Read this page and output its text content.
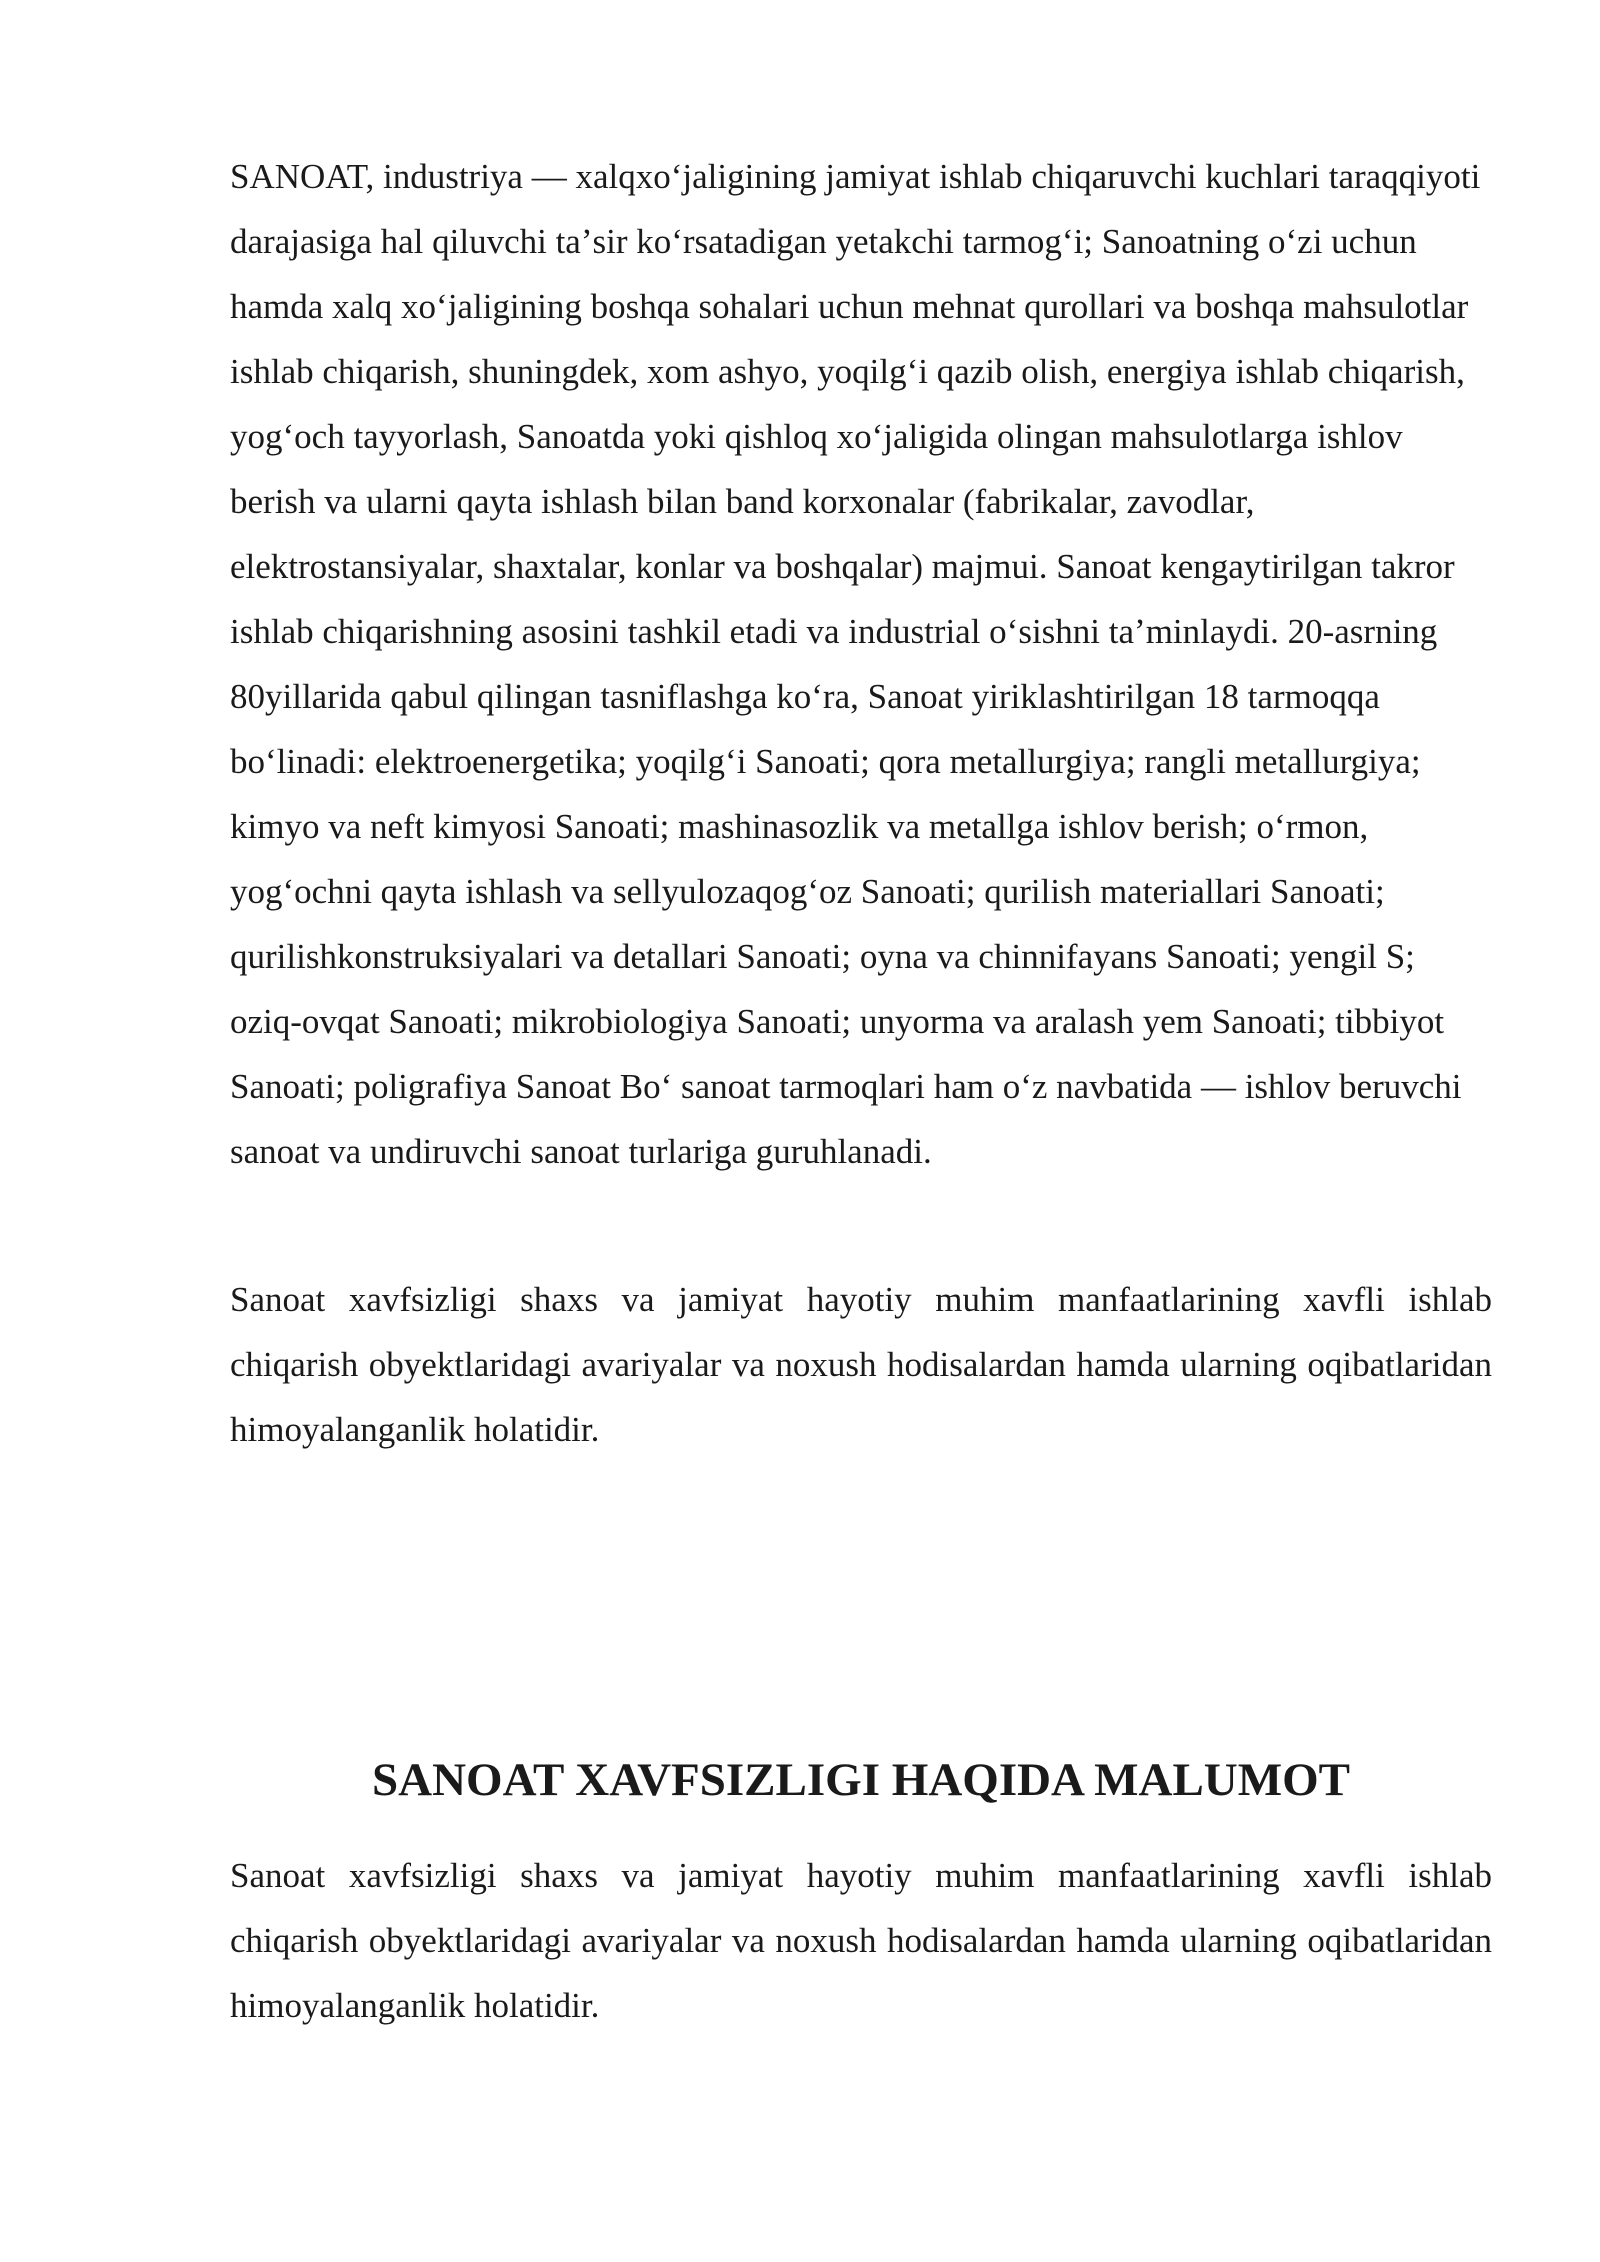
SANOAT, industriya — xalqxoʻjaligining jamiyat ishlab chiqaruvchi kuchlari taraqqiyoti darajasiga hal qiluvchi taʼsir koʻrsatadigan yetakchi tarmogʻi; Sanoatning oʻzi uchun hamda xalq xoʻjaligining boshqa sohalari uchun mehnat qurollari va boshqa mahsulotlar ishlab chiqarish, shuningdek, xom ashyo, yoqilgʻi qazib olish, energiya ishlab chiqarish, yogʻoch tayyorlash, Sanoatda yoki qishloq xoʻjaligida olingan mahsulotlarga ishlov berish va ularni qayta ishlash bilan band korxonalar (fabrikalar, zavodlar, elektrostansiyalar, shaxtalar, konlar va boshqalar) majmui. Sanoat kengaytirilgan takror ishlab chiqarishning asosini tashkil etadi va industrial oʻsishni taʼminlaydi. 20-asrning 80yillarida qabul qilingan tasniflashga koʻra, Sanoat yiriklashtirilgan 18 tarmoqqa boʻlinadi: elektroenergetika; yoqilgʻi Sanoati; qora metallurgiya; rangli metallurgiya; kimyo va neft kimyosi Sanoati; mashinasozlik va metallga ishlov berish; oʻrmon, yogʻochni qayta ishlash va sellyulozaqogʻoz Sanoati; qurilish materiallari Sanoati; qurilishkonstruksiyalari va detallari Sanoati; oyna va chinnifayans Sanoati; yengil S; oziq-ovqat Sanoati; mikrobiologiya Sanoati; unyorma va aralash yem Sanoati; tibbiyot Sanoati; poligrafiya Sanoat Boʻ sanoat tarmoqlari ham oʻz navbatida — ishlov beruvchi sanoat va undiruvchi sanoat turlariga guruhlanadi.

Sanoat xavfsizligi shaxs va jamiyat hayotiy muhim manfaatlarining xavfli ishlab chiqarish obyektlaridagi avariyalar va noxush hodisalardan hamda ularning oqibatlaridan himoyalanganlik holatidir.

SANOAT XAVFSIZLIGI HAQIDA MALUMOT

Sanoat xavfsizligi shaxs va jamiyat hayotiy muhim manfaatlarining xavfli ishlab chiqarish obyektlaridagi avariyalar va noxush hodisalardan hamda ularning oqibatlaridan himoyalanganlik holatidir.
